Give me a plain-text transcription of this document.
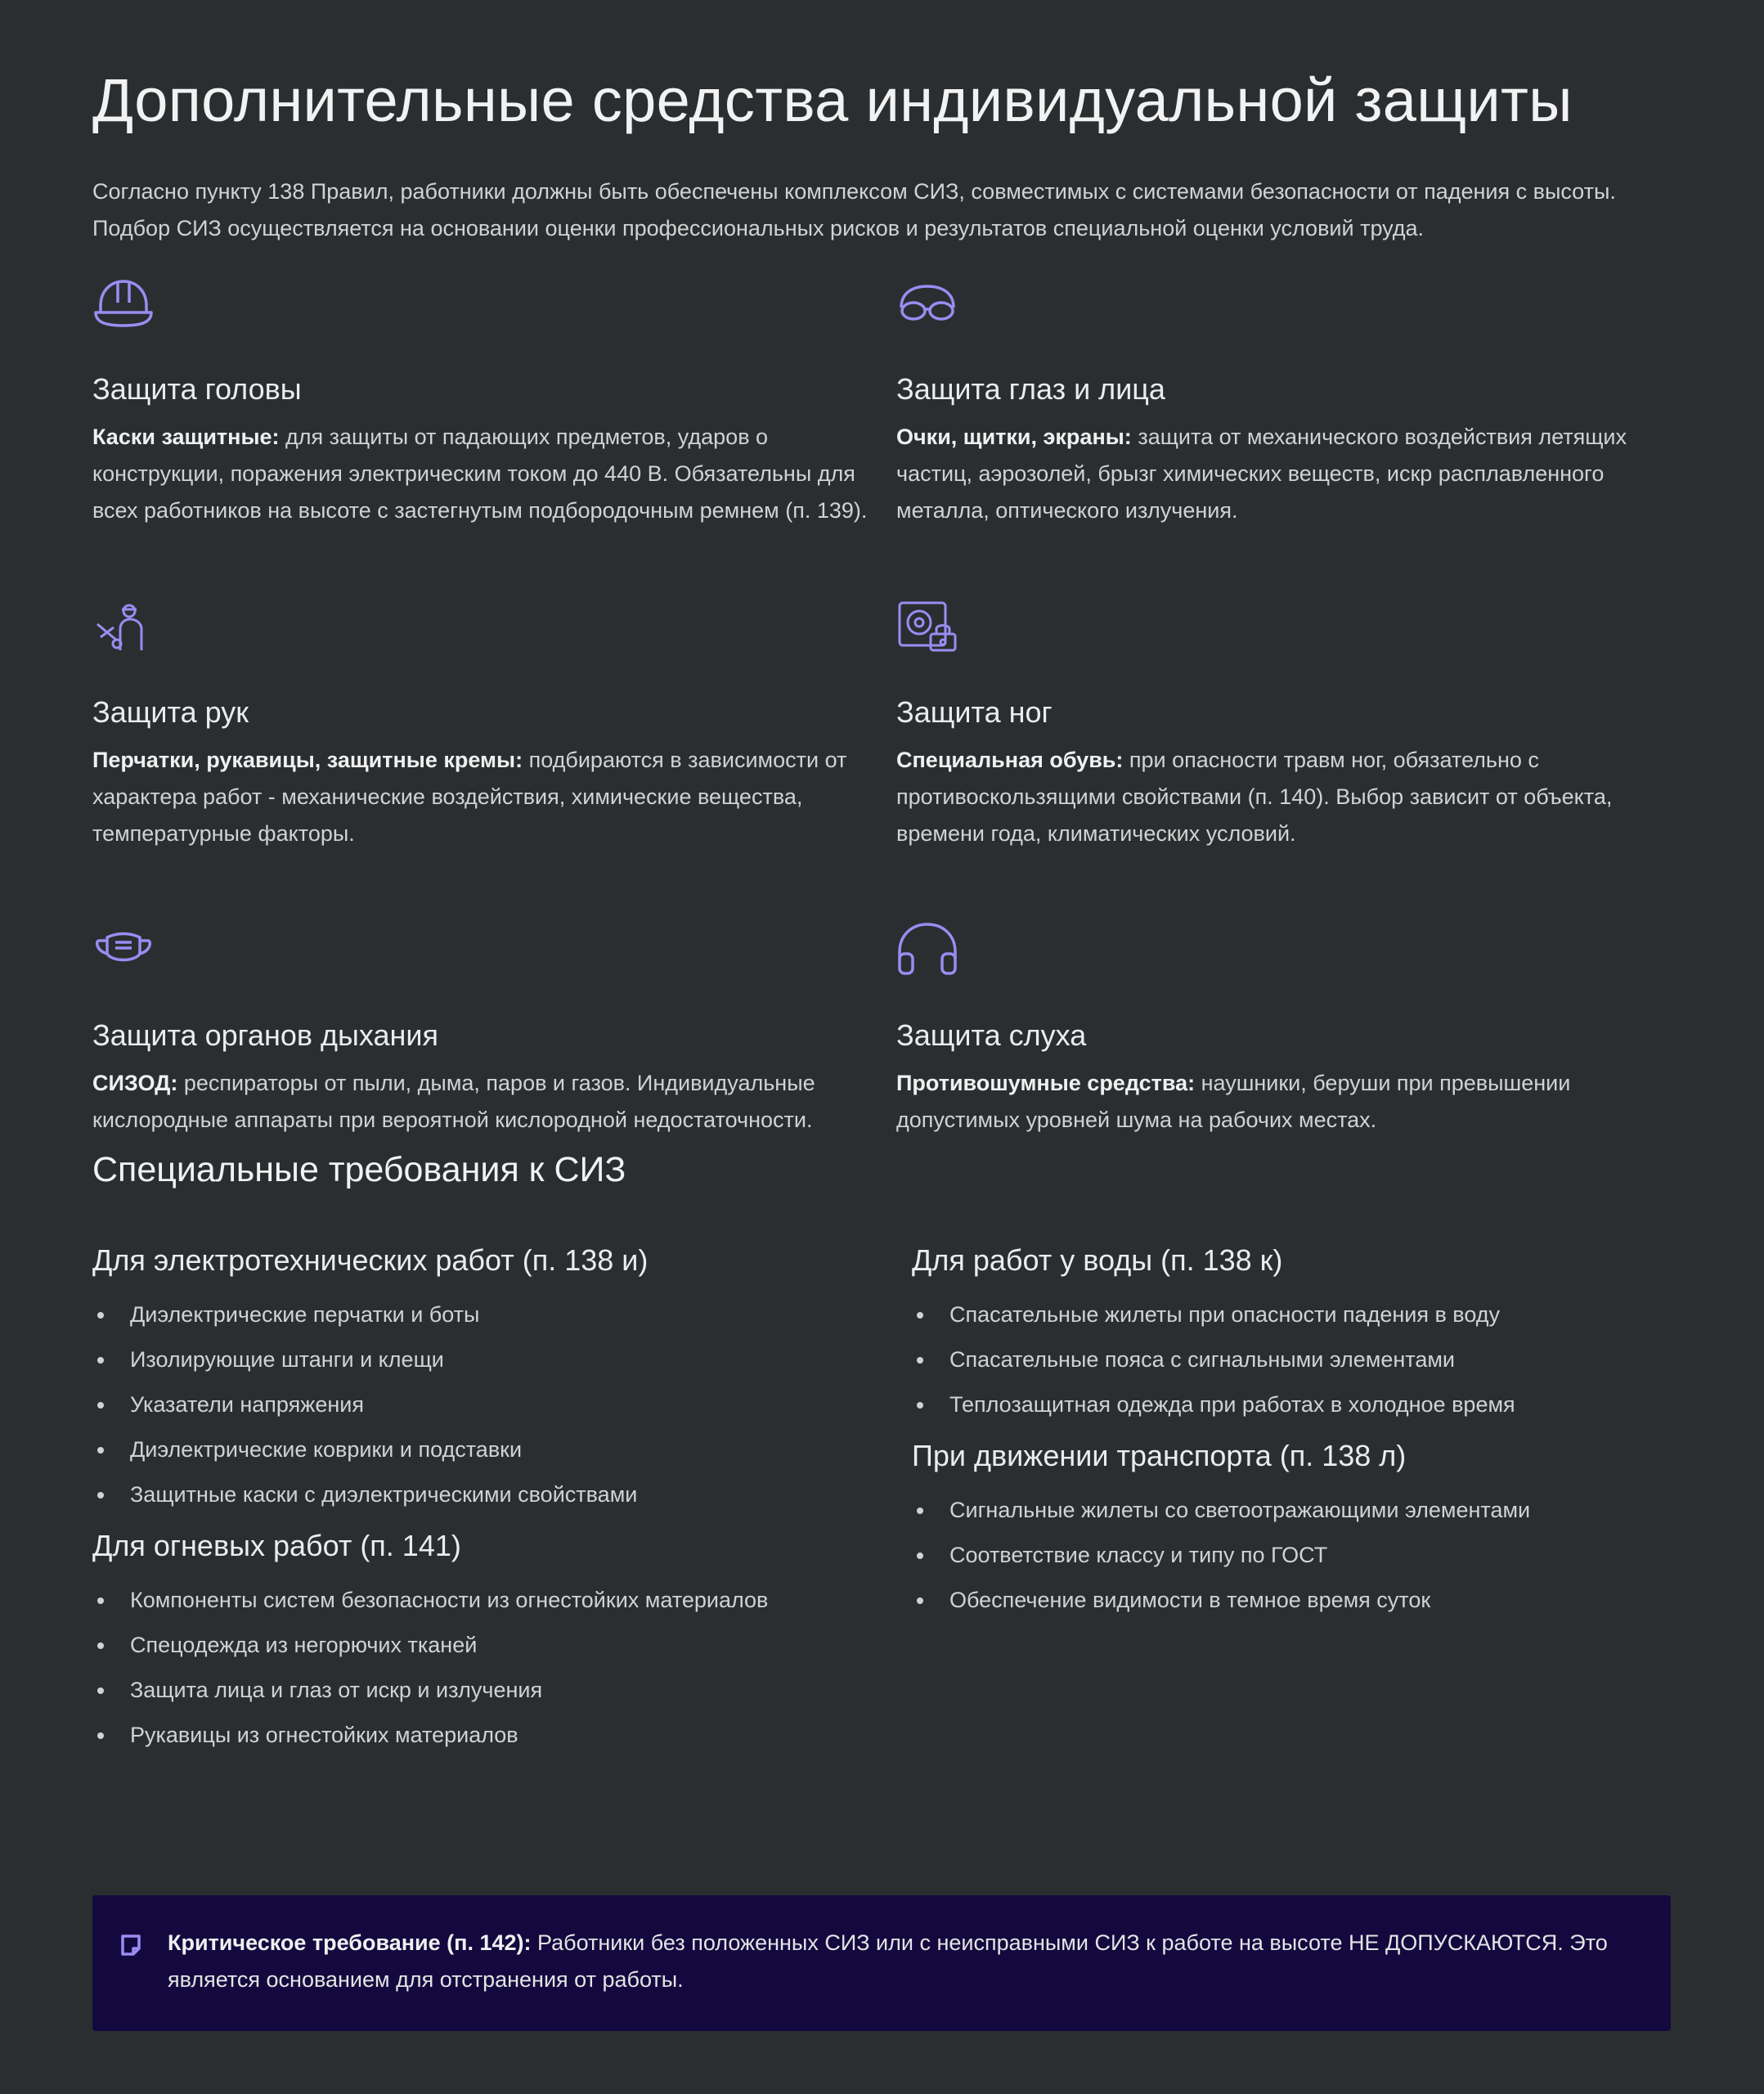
Дополнительные средства индивидуальной защиты

Согласно пункту 138 Правил, работники должны быть обеспечены комплексом СИЗ, совместимых с системами безопасности от падения с высоты. Подбор СИЗ осуществляется на основании оценки профессиональных рисков и результатов специальной оценки условий труда.

Защита головы

Каски защитные: для защиты от падающих предметов, ударов о конструкции, поражения электрическим током до 440 В. Обязательны для всех работников на высоте с застегнутым подбородочным ремнем (п. 139).

Защита глаз и лица

Очки, щитки, экраны: защита от механического воздействия летящих частиц, аэрозолей, брызг химических веществ, искр расплавленного металла, оптического излучения.

Защита рук

Перчатки, рукавицы, защитные кремы: подбираются в зависимости от характера работ - механические воздействия, химические вещества, температурные факторы.

Защита ног

Специальная обувь: при опасности травм ног, обязательно с противоскользящими свойствами (п. 140). Выбор зависит от объекта, времени года, климатических условий.

Защита органов дыхания

СИЗОД: респираторы от пыли, дыма, паров и газов. Индивидуальные кислородные аппараты при вероятной кислородной недостаточности.

Защита слуха

Противошумные средства: наушники, беруши при превышении допустимых уровней шума на рабочих местах.

Специальные требования к СИЗ
Для электротехнических работ (п. 138 и)
Диэлектрические перчатки и боты
Изолирующие штанги и клещи
Указатели напряжения
Диэлектрические коврики и подставки
Защитные каски с диэлектрическими свойствами
Для огневых работ (п. 141)
Компоненты систем безопасности из огнестойких материалов
Спецодежда из негорючих тканей
Защита лица и глаз от искр и излучения
Рукавицы из огнестойких материалов
Для работ у воды (п. 138 к)
Спасательные жилеты при опасности падения в воду
Спасательные пояса с сигнальными элементами
Теплозащитная одежда при работах в холодное время
При движении транспорта (п. 138 л)
Сигнальные жилеты со светоотражающими элементами
Соответствие классу и типу по ГОСТ
Обеспечение видимости в темное время суток
Критическое требование (п. 142): Работники без положенных СИЗ или с неисправными СИЗ к работе на высоте НЕ ДОПУСКАЮТСЯ. Это является основанием для отстранения от работы.
